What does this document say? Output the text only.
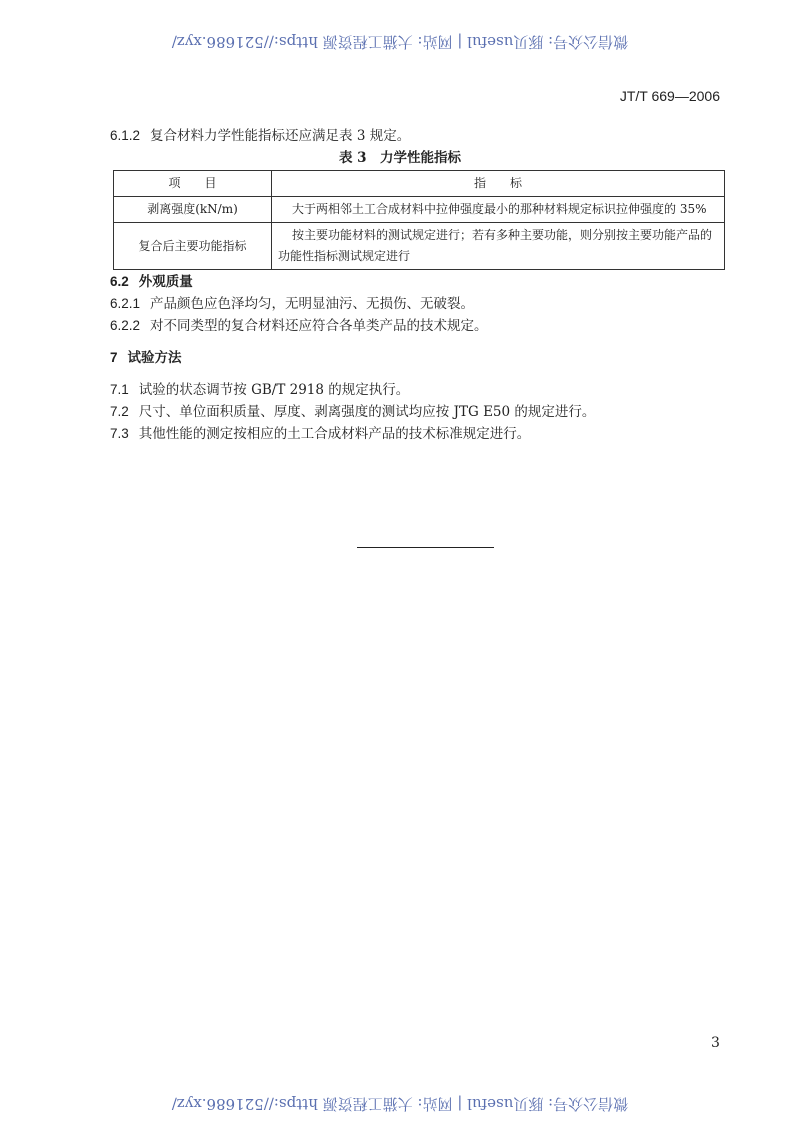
微信公众号: 豚贝useful | 网站: 大猫工程资源 https://521686.xyz/
JT/T 669—2006
6.1.2 复合材料力学性能指标还应满足表 3 规定。
表 3　力学性能指标
项　　目	指　　标
剥离强度(kN/m)	大于两相邻土工合成材料中拉伸强度最小的那种材料规定标识拉伸强度的 35%
复合后主要功能指标	按主要功能材料的测试规定进行；若有多种主要功能，则分别按主要功能产品的功能性指标测试规定进行
6.2 外观质量
6.2.1 产品颜色应色泽均匀，无明显油污、无损伤、无破裂。
6.2.2 对不同类型的复合材料还应符合各单类产品的技术规定。
7 试验方法
7.1 试验的状态调节按 GB/T 2918 的规定执行。
7.2 尺寸、单位面积质量、厚度、剥离强度的测试均应按 JTG E50 的规定进行。
7.3 其他性能的测定按相应的土工合成材料产品的技术标准规定进行。
3
微信公众号: 豚贝useful | 网站: 大猫工程资源 https://521686.xyz/
